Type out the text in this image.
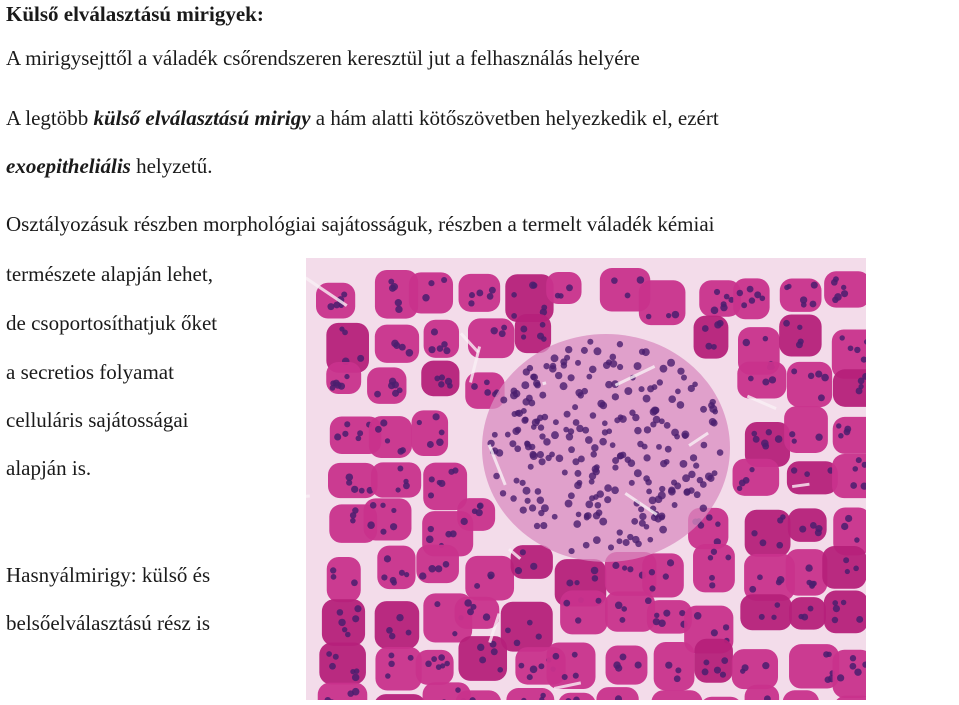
Külső elválasztású mirigyek:
A mirigysejttől a váladék csőrendszeren keresztül jut a felhasználás helyére
A legtöbb külső elválasztású mirigy a hám alatti kötőszövetben helyezkedik el, ezért
exoepitheliális helyzetű.
Osztályozásuk részben morphológiai sajátosságuk, részben a termelt váladék kémiai
természete alapján lehet,
de csoportosíthatjuk őket
a secretios folyamat
celluláris sajátosságai
alapján is.
Hasnyálmirigy: külső és
belsőelválasztású rész is
